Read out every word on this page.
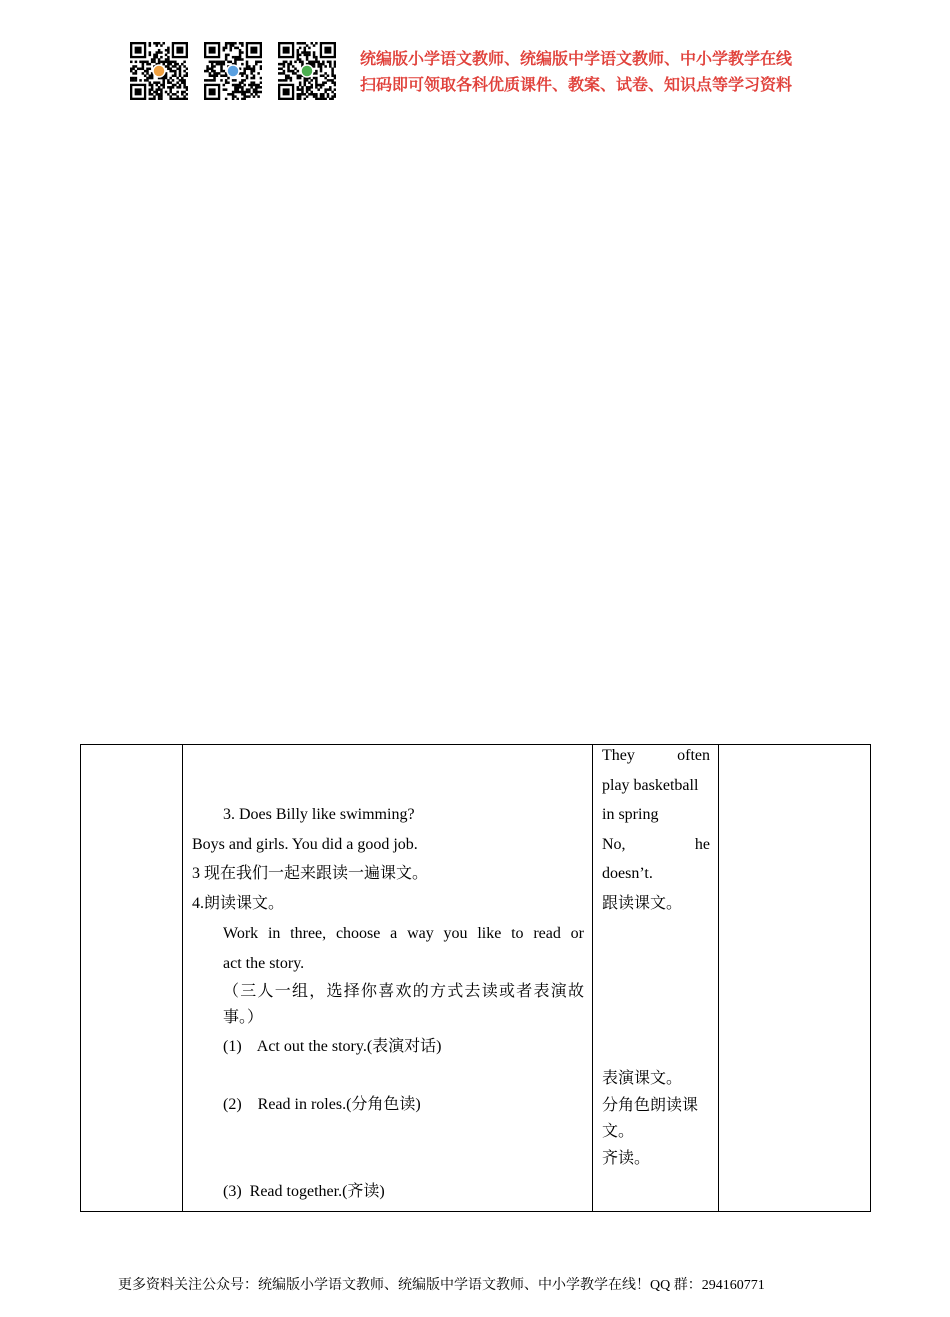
统编版小学语文教师、统编版中学语文教师、中小学教学在线
扫码即可领取各科优质课件、教案、试卷、知识点等学习资料

3. Does Billy like swimming?
Boys and girls. You did a good job.
3 现在我们一起来跟读一遍课文。
4.朗读课文。
Work in three, choose a way you like to read or
act the story.
（三人一组，选择你喜欢的方式去读或者表演故
事。）
(1)    Act out the story.(表演对话)
(2)    Read in roles.(分角色读)
(3)  Read together.(齐读)

They often
play basketball
in spring
No, he
doesn’t.
跟读课文。
表演课文。
分角色朗读课
文。
齐读。

更多资料关注公众号：统编版小学语文教师、统编版中学语文教师、中小学教学在线！QQ 群：294160771
